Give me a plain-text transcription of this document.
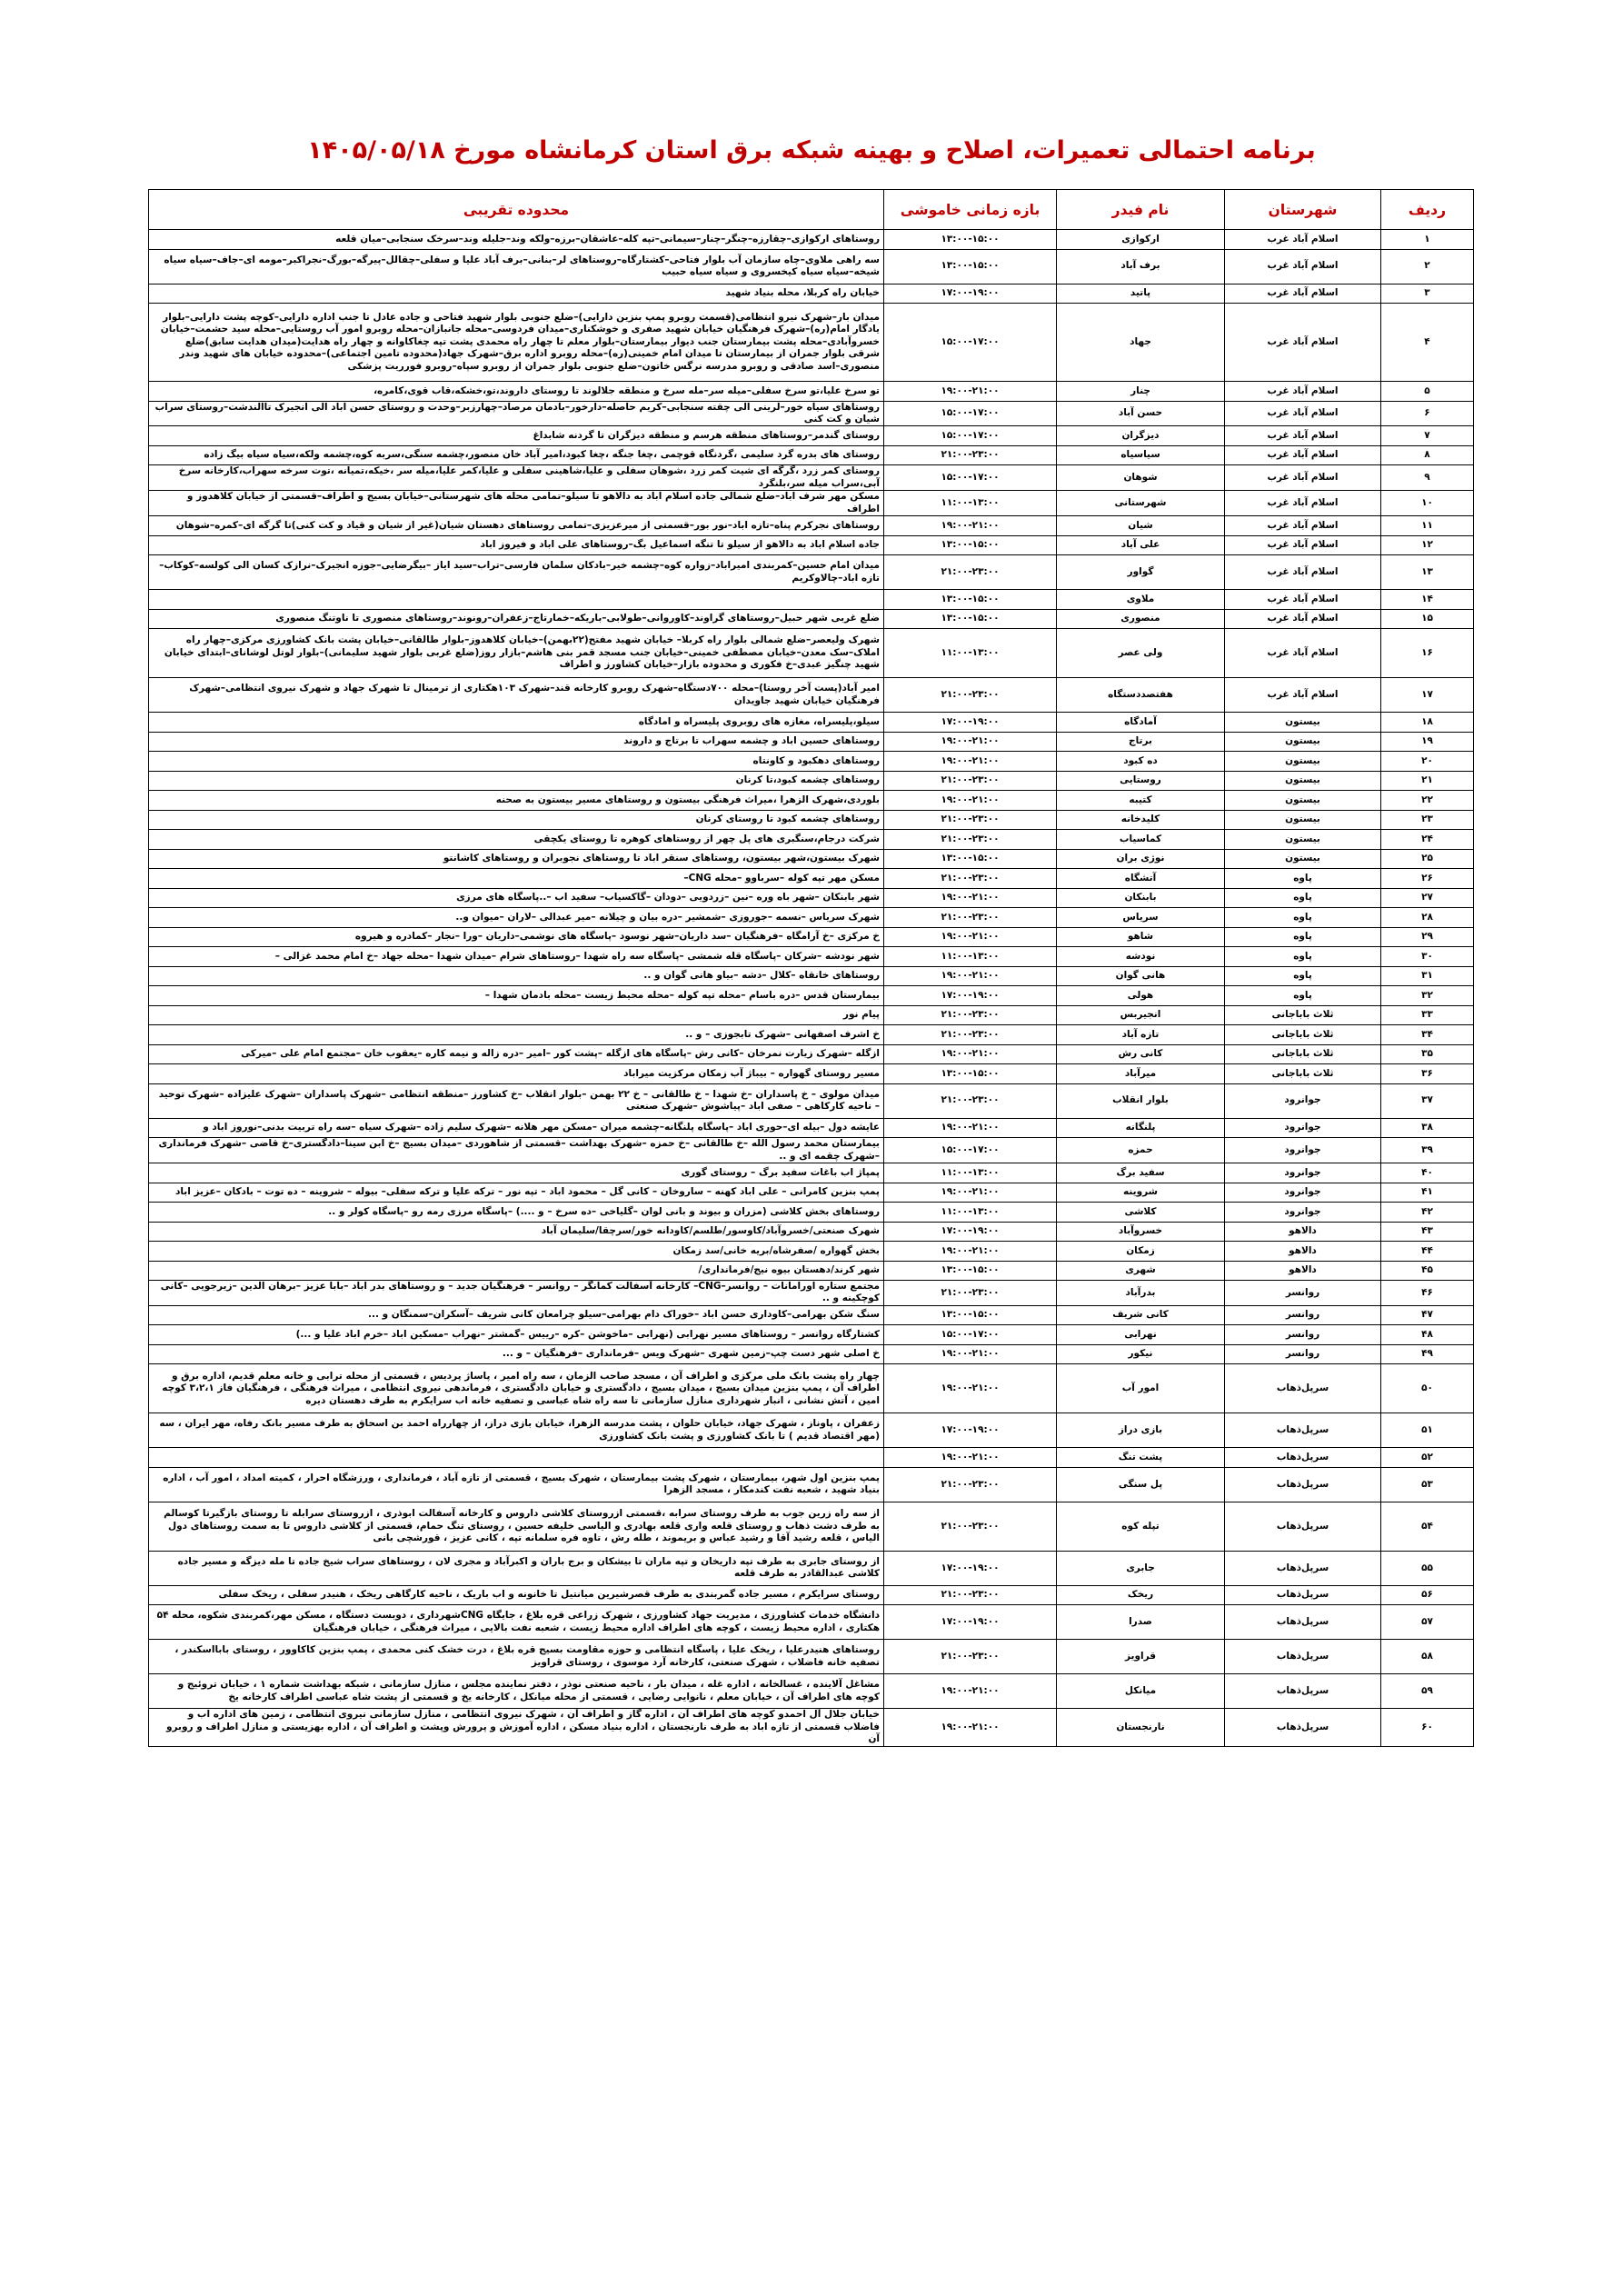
برنامه احتمالی تعمیرات، اصلاح و بهینه شبکه برق استان کرمانشاه مورخ ۱۴۰۵/۰۵/۱۸
ردیف	شهرستان	نام فیدر	بازه زمانی خاموشی	محدوده تقریبی
۱	اسلام آباد غرب	ارکوازی	۱۳:۰۰-۱۵:۰۰	روستاهای ارکوازی–چقارزه–چنگر–چنار–سیمانی–تپه کله–عاشقان–برزه–ولکه وند–جلیله وند–سرخک سنجابی–میان قلعه
۲	اسلام آباد غرب	برف آباد	۱۳:۰۰-۱۵:۰۰	سه راهی ملاوی–چاه سازمان آب بلوار فتاحی–کشتارگاه–روستاهای لر–بنانی–برف آباد علیا و سفلی–چقالل–پیرگه–بورگ–نجراکبر–مومه ای–جاف–سیاه سیاه شیخه–سیاه سیاه کیخسروی و سیاه سیاه حبیب
۳	اسلام آباد غرب	پاتید	۱۷:۰۰-۱۹:۰۰	خیابان راه کربلا، محله بنیاد شهید
۴	اسلام آباد غرب	جهاد	۱۵:۰۰-۱۷:۰۰	میدان بار–شهرک نیرو انتظامی(قسمت روبرو پمپ بنزین دارایی)–ضلع جنوبی بلوار شهید فتاحی و جاده عادل تا جنب اداره دارایی–کوچه پشت دارایی–بلوار یادگار امام(ره)–شهرک فرهنگیان خیابان شهید صفری و خوشکناری–میدان فردوسی–محله جانبازان–محله روبرو امور آب روستایی–محله سید حشمت–خیابان خسروآبادی–محله پشت بیمارستان جنب دیوار بیمارستان–بلوار معلم تا چهار راه محمدی پشت تپه چغاکاوانه و چهار راه هدایت(میدان هدایت سابق)ضلع شرقی بلوار جمران از بیمارستان تا میدان امام خمینی(ره)–محله روبرو اداره برق–شهرک جهاد(محدوده تامین اجتماعی)–محدوده خیابان های شهید وندر منصوری–اسد صادقی و روبرو مدرسه نرگس خاتون–ضلع جنوبی بلوار جمران از روبرو سپاه–روبرو فورریت پزشکی
۵	اسلام آباد غرب	چنار	۱۹:۰۰-۲۱:۰۰	تو سرخ علیا،تو سرخ سفلی–میله سر–مله سرخ و منطقه جلالوند تا روستای داروند،تو،خشکه،قاب قوی،کامره،
۶	اسلام آباد غرب	حسن آباد	۱۵:۰۰-۱۷:۰۰	روستاهای سیاه خور–لرینی الی چقته سنجابی–کریم حاصله–دارخور–بادمان مرصاد–چهارزبر–وحدت و روستای حسن اباد الی انجیرک تاالندشت–روستای سراب شیان و کت کنی
۷	اسلام آباد غرب	دیزگران	۱۵:۰۰-۱۷:۰۰	روستای گندمر–روستاهای منطقه هرسم و منطقه دیزگران تا گردنه شابداغ
۸	اسلام آباد غرب	سیاسیاه	۲۱:۰۰-۲۳:۰۰	روستای های بدره گرد سلیمی ،گردنگاه قوچمی ،چغا جنگه ،چغا کبود،امیر آباد خان منصور،چشمه سنگی،سربه کوه،چشمه ولکه،سیاه سیاه بیگ زاده
۹	اسلام آباد غرب	شوهان	۱۵:۰۰-۱۷:۰۰	روستای کمر زرد ،گرگه ای شیت کمر زرد ،شوهان سفلی و علیا،شاهینی سفلی و علیا،کمر علیا،میله سر ،خیکه،تمیانه ،توت سرخه سهراب،کارخانه سرخ آبی،سراب میله سر،بلنگرد
۱۰	اسلام آباد غرب	شهرستانی	۱۱:۰۰-۱۳:۰۰	مسکن مهر شرف اباد–ضلع شمالی جاده اسلام اباد به دالاهو تا سیلو–تمامی محله های شهرستانی–خیابان بسیج و اطراف–قسمتی از خیابان کلاهدوز و اطراف
۱۱	اسلام آباد غرب	شیان	۱۹:۰۰-۲۱:۰۰	روستاهای نجرکرم پناه–تازه اباد–نور بور–قسمتی از میرعزیزی–تمامی روستاهای دهستان شیان(غیر از شیان و قیاد و کت کنی)تا گرگه ای–کمره–شوهان
۱۲	اسلام آباد غرب	علی آباد	۱۳:۰۰-۱۵:۰۰	جاده اسلام اباد به دالاهو از سیلو تا تنگه اسماعیل بگ–روستاهای علی اباد و فیروز اباد
۱۳	اسلام آباد غرب	گواور	۲۱:۰۰-۲۳:۰۰	میدان امام حسین–کمربندی امیراباد–زواره کوه–چشمه خیر–بادکان سلمان فارسی–تراب–سید ایاز –بیگرضایی–جوزه انجیرک–نرازک کسان الی کولسه–کوکاب–تازه اباد–چالاوکریم
۱۴	اسلام آباد غرب	ملاوی	۱۳:۰۰-۱۵:۰۰	
۱۵	اسلام آباد غرب	منصوری	۱۳:۰۰-۱۵:۰۰	ضلع غربی شهر حبیل–روستاهای گراوند–کاوروانی–طولابی–باریکه–خمارتاج–زعفران–رونوند–روستاهای منصوری تا ناوتنگ منصوری
۱۶	اسلام آباد غرب	ولی عصر	۱۱:۰۰-۱۳:۰۰	شهرک ولیعصر–ضلع شمالی بلوار راه کربلا– خیابان شهید مفتح(۲۲بهمن)–خیابان کلاهدوز–بلوار طالقانی–خیابان پشت بانک کشاورزی مرکزی–چهار راه املاک–سک معدن–خیابان مصطفی خمینی–خیابان جنب مسجد قمر بنی هاشم–بازار روز(ضلع غربی بلوار شهید سلیمانی)–بلوار لوتل لوشانای–ابتدای خیابان شهید چنگیز عبدی–خ فکوری و محدوده بازار–خیابان کشاورز و اطراف
۱۷	اسلام آباد غرب	هفتصددستگاه	۲۱:۰۰-۲۳:۰۰	امیر آباد(پست آخر روستا)–محله ۷۰۰دستگاه–شهرک روبرو کارخانه قند–شهرک ۱۰۳هکتاری از ترمینال تا شهرک جهاد و شهرک نیروی انتظامی–شهرک فرهنگیان خیابان شهید جاویدان
۱۸	بیستون	آمادگاه	۱۷:۰۰-۱۹:۰۰	سیلو،پلیسراه، مغازه های روبروی پلیسراه و امادگاه
۱۹	بیستون	برتاج	۱۹:۰۰-۲۱:۰۰	روستاهای حسین اباد و چشمه سهراب تا برتاج و داروند
۲۰	بیستون	ده کبود	۱۹:۰۰-۲۱:۰۰	روستاهای دهکبود و کاونتاه
۲۱	بیستون	روستایی	۲۱:۰۰-۲۳:۰۰	روستاهای چشمه کبود،تا کرنان
۲۲	بیستون	کتیبه	۱۹:۰۰-۲۱:۰۰	بلوردی،شهرک الزهرا ،میراث فرهنگی بیستون و روستاهای مسیر بیستون به صحنه
۲۳	بیستون	کلیدخانه	۲۱:۰۰-۲۳:۰۰	روستاهای چشمه کبود تا روستای کرنان
۲۴	بیستون	کماسیاب	۲۱:۰۰-۲۳:۰۰	شرکت درجام،سنگبری های پل چهر از روستاهای کوهره تا روستای یکچقی
۲۵	بیستون	نوژی بران	۱۳:۰۰-۱۵:۰۰	شهرک بیستون،شهر بیستون، روستاهای سنقر اباد تا روستاهای نجوبران و روستاهای کاشانتو
۲۶	پاوه	آتشگاه	۲۱:۰۰-۲۳:۰۰	مسکن مهر تپه کوله –سرباوو –محله CNG–
۲۷	پاوه	بابنکان	۱۹:۰۰-۲۱:۰۰	شهر بابنکان –شهر باه وره –نین –زردویی –دودان –گاکسیاب– سفید اب –..پاسگاه های مرزی
۲۸	پاوه	سریاس	۲۱:۰۰-۲۳:۰۰	شهرک سریاس –نسمه –جوروزی –شمشیر –دره بیان و چیلانه –میر عبدالی –لاران –میوان و..
۲۹	پاوه	شاهو	۱۹:۰۰-۲۱:۰۰	خ مرکزی –خ آرامگاه –فرهنگیان –سد داریان–شهر نوسود –پاسگاه های نوشمی–داریان –ورا –نجار –کمادره و هیروه
۳۰	پاوه	نودشه	۱۱:۰۰-۱۳:۰۰	شهر نودشه –شرکان –پاسگاه قله شمشی –پاسگاه سه راه شهدا –روستاهای شرام –میدان شهدا –محله جهاد –خ امام محمد غزالی –
۳۱	پاوه	هانی گوان	۱۹:۰۰-۲۱:۰۰	روستاهای خانقاه –کلال –دشه –بیاو هانی گوان و ..
۳۲	پاوه	هولی	۱۷:۰۰-۱۹:۰۰	بیمارستان قدس –دره باسام –محله تپه کوله –محله محیط زیست –محله بادمان شهدا –
۳۳	ثلاث باباجانی	انجیربس	۲۱:۰۰-۲۳:۰۰	پیام نور
۳۴	ثلاث باباجانی	تازه آباد	۲۱:۰۰-۲۳:۰۰	خ اشرف اصفهانی –شهرک تابجوزی – و ..
۳۵	ثلاث باباجانی	کانی رش	۱۹:۰۰-۲۱:۰۰	ازگله –شهرک زیارت نمرخان –کانی رش –پاسگاه های ازگله –پشت کور –امیر –دره زاله و نیمه کاره –یعقوب خان –مجتمع امام علی –میرکی
۳۶	ثلاث باباجانی	میرآباد	۱۳:۰۰-۱۵:۰۰	مسیر روستای گهواره – بیباژ آب زمکان مرکزیت میراباد
۳۷	جوانرود	بلوار انقلاب	۲۱:۰۰-۲۳:۰۰	میدان مولوی – خ پاسداران –خ شهدا – خ طالقانی – خ ۲۲ بهمن –بلوار انقلاب –خ کشاورز –منطقه انتظامی –شهرک پاسداران –شهرک علیزاده –شهرک توحید – ناحیه کارکاهی – صفی اباد –پیاشوش –شهرک صنعتی
۳۸	جوانرود	پلنگانه	۱۹:۰۰-۲۱:۰۰	عایشه دول –بیله ای–حوری اباد –پاسگاه پلنگانه–چشمه میران –مسکن مهر هلانه –شهرک سلیم زاده –شهرک سیاه –سه راه تربیت بدنی–نوروز اباد و
۳۹	جوانرود	حمزه	۱۵:۰۰-۱۷:۰۰	بیمارستان محمد رسول الله –خ طالقانی –خ حمزه –شهرک بهداشت –قسمتی از شاهوردی –میدان بسیج –خ ابن سینا–دادگستری–خ قاضی –شهرک فرمانداری –شهرک چقمه ای و ..
۴۰	جوانرود	سفید برگ	۱۱:۰۰-۱۳:۰۰	پمپاژ اب باغات سفید برگ – روستای گوری
۴۱	جوانرود	شروینه	۱۹:۰۰-۲۱:۰۰	پمپ بنزین کامرانی – علی اباد کهنه – ساروخان – کانی گل – محمود اباد – تپه نور – ترکه علیا و ترکه سفلی– بیوله – شروینه – ده توت – بادکان –عزیز اباد
۴۲	جوانرود	کلاشی	۱۱:۰۰-۱۳:۰۰	روستاهای بخش کلاشی (مزران و بیوند و بانی لوان –گلیاخی –ده سرخ – و ....) –پاسگاه مرزی رمه رو –پاسگاه کولر و ..
۴۳	دالاهو	خسروآباد	۱۷:۰۰-۱۹:۰۰	شهرک صنعتی/خسروآباد/کاوسور/طلسم/کاودانه خور/سرچقا/سلیمان آباد
۴۴	دالاهو	زمکان	۱۹:۰۰-۲۱:۰۰	بخش گهواره /صفرشاه/بریه خانی/سد زمکان
۴۵	دالاهو	شهری	۱۳:۰۰-۱۵:۰۰	شهر کرند/دهستان بیوه نیج/فرمانداری/
۴۶	روانسر	بدرآباد	۲۱:۰۰-۲۳:۰۰	مجتمع ستاره اورامانات – روانسر–CNG– کارخانه آسفالت کمانگر – روانسر – فرهنگیان جدید – و روستاهای بدر اباد –بابا عزیز –برهان الدین –زیرجویی –کانی کوچکینه و ..
۴۷	روانسر	کانی شریف	۱۳:۰۰-۱۵:۰۰	سنگ شکن بهرامی–کاوداری حسن اباد –خوراک دام بهرامی–سیلو چرامعان کانی شریف –آسکران–سمنگان و ...
۴۸	روانسر	نهرابی	۱۵:۰۰-۱۷:۰۰	کشتارگاه روانسر – روستاهای مسیر نهرابی (نهرابی –ماخوشن –کره –رییس –گمشتر –نهراب –مسکین اباد –خرم اباد علیا و ...)
۴۹	روانسر	نیکور	۱۹:۰۰-۲۱:۰۰	خ اصلی شهر دست چپ–زمین شهری –شهرک ویس –فرمانداری –فرهنگیان – و ...
۵۰	سرپل‌ذهاب	امور آب	۱۹:۰۰-۲۱:۰۰	چهار راه پشت بانک ملی مرکزی و اطراف آن ، مسجد صاحب الزمان ، سه راه امیر ، پاساژ پردیس ، قسمتی از محله ترابی و خانه معلم قدیم، اداره برق و اطراف آن ، پمپ بنزین میدان بسیج ، میدان بسیج ، دادگستری و خیابان دادگستری ، فرماندهی نیروی انتظامی ، میراث فرهنگی ، فرهنگیان فاز ۳،۲،۱ کوچه امین ، آتش نشانی ، انبار شهرداری منازل سازمانی تا سه راه شاه عباسی و تصفیه خانه اب سرایکرم به طرف دهستان دیره
۵۱	سرپل‌ذهاب	بازی دراز	۱۷:۰۰-۱۹:۰۰	زعفران ، پاوناز ، شهرک جهاد، خیابان حلوان ، پشت مدرسه الزهرا، خیابان بازی دراز، از چهارراه احمد بن اسحاق به طرف مسیر بانک رفاه، مهر ایران ، سه (مهر اقتصاد قدیم ) تا بانک کشاورزی و پشت بانک کشاورزی
۵۲	سرپل‌ذهاب	پشت تنگ	۱۹:۰۰-۲۱:۰۰	
۵۳	سرپل‌ذهاب	پل سنگی	۲۱:۰۰-۲۳:۰۰	پمپ بنزین اول شهر، بیمارستان ، شهرک پشت بیمارستان ، شهرک بسیج ، قسمتی از تازه آباد ، فرمانداری ، ورزشگاه احرار ، کمیته امداد ، امور آب ، اداره بنیاد شهید ، شعبه نفت کندمکار ، مسجد الزهرا
۵۴	سرپل‌ذهاب	تپله کوه	۲۱:۰۰-۲۳:۰۰	از سه راه زرین جوب به طرف روستای سرابه ،قسمتی ازروستای کلاشی داروس و کارخانه آسفالت ابوذری ، ازروستای سرابله تا روستای بازگیرتا کوسالم به طرف دشت ذهاب و روستای قلعه واری قلعه بهادری و الیاسی خلیفه حسین ، روستای تنگ حمام، قسمتی از کلاشی داروس تا به سمت روستاهای دول الیاس ، قلعه رشید آقا و رشید عباس و بریموند ، طله رش ، تاوه فره سلمانه تپه ، کانی عزیز ، قورشچی بانی
۵۵	سرپل‌ذهاب	جابری	۱۷:۰۰-۱۹:۰۰	از روستای جابری به طرف تپه داریخان و تپه ماران تا بیشکان و برج باران و اکبرآباد و مجری لان ، روستاهای سراب شیخ جاده تا مله دیزگه و مسیر جاده کلاشی عبدالقادر به طرف قلعه
۵۶	سرپل‌ذهاب	ریخک	۲۱:۰۰-۲۳:۰۰	روستای سرایکرم ، مسیر جاده گمربندی به طرف قصرشیرین میانتیل تا خانونه و اب باریک ، ناحیه کارگاهی ریخک ، هنیدر سفلی ، ریخک سفلی
۵۷	سرپل‌ذهاب	صدرا	۱۷:۰۰-۱۹:۰۰	دانشگاه خدمات کشاورزی ، مدیریت جهاد کشاورزی ، شهرک زراعی قره بلاغ ، جایگاه CNGشهرداری ، دوبست دستگاه ، مسکن مهر،کمربندی شکوه، محله ۵۴ هکتاری ، اداره محیط زیست ، کوچه های اطراف اداره محیط زیست ، شعبه نفت بالایی ، میراث فرهنگی ، خیابان فرهنگیان
۵۸	سرپل‌ذهاب	قراویز	۲۱:۰۰-۲۳:۰۰	روستاهای هنیدرعلیا ، ریخک علیا ، پاسگاه انتظامی و حوزه مقاومت بسیج قره بلاغ ، درت خشک کنی محمدی ، پمپ بنزین کاکاوور ، روستای بابااسکندر ، تصفیه خانه فاضلاب ، شهرک صنعتی، کارخانه آرد موسوی ، روستای قراویز
۵۹	سرپل‌ذهاب	میانکل	۱۹:۰۰-۲۱:۰۰	مشاغل آلاینده ، غسالخانه ، اداره غله ، میدان بار ، ناحیه صنعتی نوذر ، دفتر نماینده مجلس ، منازل سازمانی ، شبکه بهداشت شماره ۱ ، خیابان تروئیج و کوچه های اطراف آن ، خیابان معلم ، نانوایی رضایی ، قسمتی از محله میانکل ، کارخانه یخ و قسمتی از پشت شاه عباسی اطراف کارخانه یخ
۶۰	سرپل‌ذهاب	نارنجستان	۱۹:۰۰-۲۱:۰۰	خیابان جلال آل احمدو کوچه های اطراف آن ، اداره گاز و اطراف آن ، شهرک نیروی انتظامی ، منازل سازمانی نیروی انتظامی ، زمین های اداره اب و فاضلاب قسمتی از تازه اباد به طرف نارنجستان ، اداره بنیاد مسکن ، اداره آموزش و پرورش وپشت و اطراف آن ، اداره بهزیستی و منازل اطراف و روبرو آن
